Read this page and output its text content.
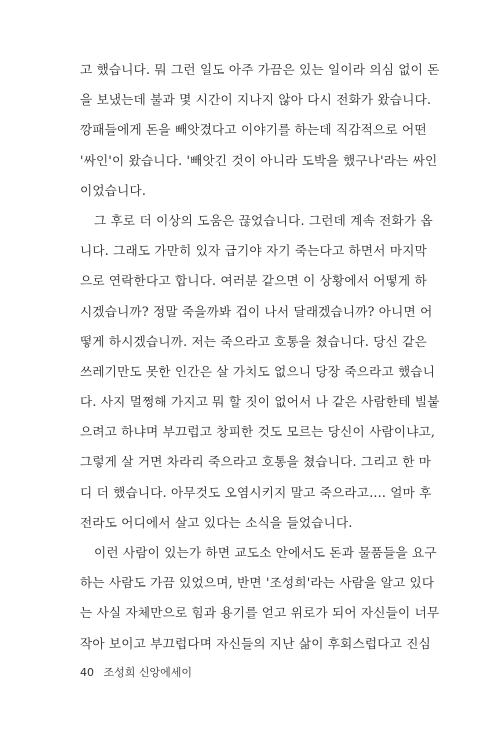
고 했습니다. 뭐 그런 일도 아주 가끔은 있는 일이라 의심 없이 돈
을 보냈는데 불과 몇 시간이 지나지 않아 다시 전화가 왔습니다.
깡패들에게 돈을 빼앗겼다고 이야기를 하는데 직감적으로 어떤
'싸인'이 왔습니다. '빼앗긴 것이 아니라 도박을 했구나'라는 싸인
이었습니다.
그 후로 더 이상의 도움은 끊었습니다. 그런데 계속 전화가 옵
니다. 그래도 가만히 있자 급기야 자기 죽는다고 하면서 마지막
으로 연락한다고 합니다. 여러분 같으면 이 상황에서 어떻게 하
시겠습니까? 정말 죽을까봐 겁이 나서 달래겠습니까? 아니면 어
떻게 하시겠습니까. 저는 죽으라고 호통을 쳤습니다. 당신 같은
쓰레기만도 못한 인간은 살 가치도 없으니 당장 죽으라고 했습니
다. 사지 멀쩡해 가지고 뭐 할 짓이 없어서 나 같은 사람한테 빌붙
으려고 하냐며 부끄럽고 창피한 것도 모르는 당신이 사람이냐고,
그렇게 살 거면 차라리 죽으라고 호통을 쳤습니다. 그리고 한 마
디 더 했습니다. 아무것도 오염시키지 말고 죽으라고…. 얼마 후
전라도 어디에서 살고 있다는 소식을 들었습니다.
이런 사람이 있는가 하면 교도소 안에서도 돈과 물품들을 요구
하는 사람도 가끔 있었으며, 반면 '조성희'라는 사람을 알고 있다
는 사실 자체만으로 힘과 용기를 얻고 위로가 되어 자신들이 너무
작아 보이고 부끄럽다며 자신들의 지난 삶이 후회스럽다고 진심
40 조성희 신앙에세이
